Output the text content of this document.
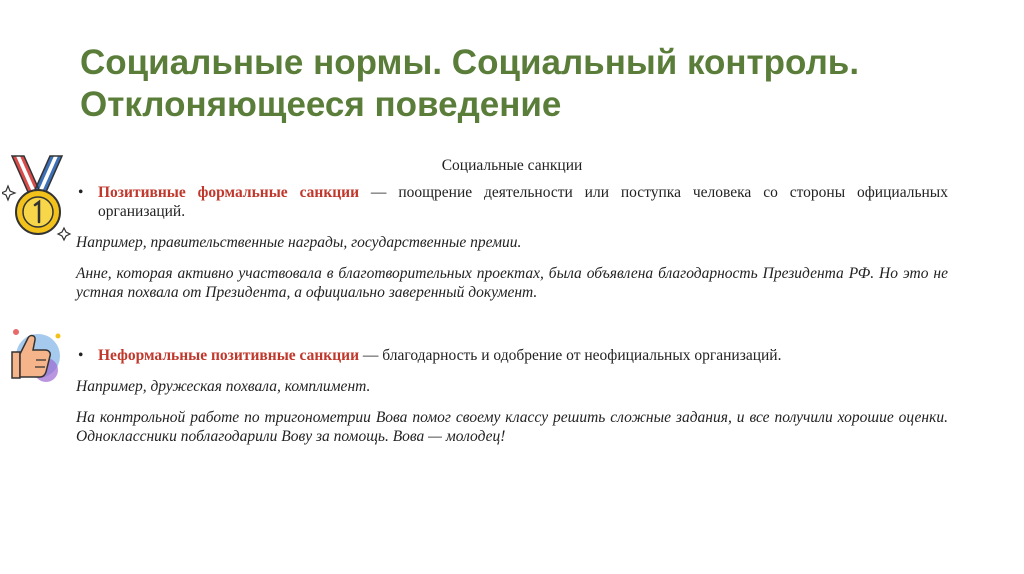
Социальные нормы. Социальный контроль. Отклоняющееся поведение

Социальные санкции

• Позитивные формальные санкции — поощрение деятельности или поступка человека со стороны официальных организаций.

Например, правительственные награды, государственные премии.

Анне, которая активно участвовала в благотворительных проектах, была объявлена благодарность Президента РФ. Но это не устная похвала от Президента, а официально заверенный документ.

• Неформальные позитивные санкции — благодарность и одобрение от неофициальных организаций.

Например, дружеская похвала, комплимент.

На контрольной работе по тригонометрии Вова помог своему классу решить сложные задания, и все получили хорошие оценки. Одноклассники поблагодарили Вову за помощь. Вова — молодец!
